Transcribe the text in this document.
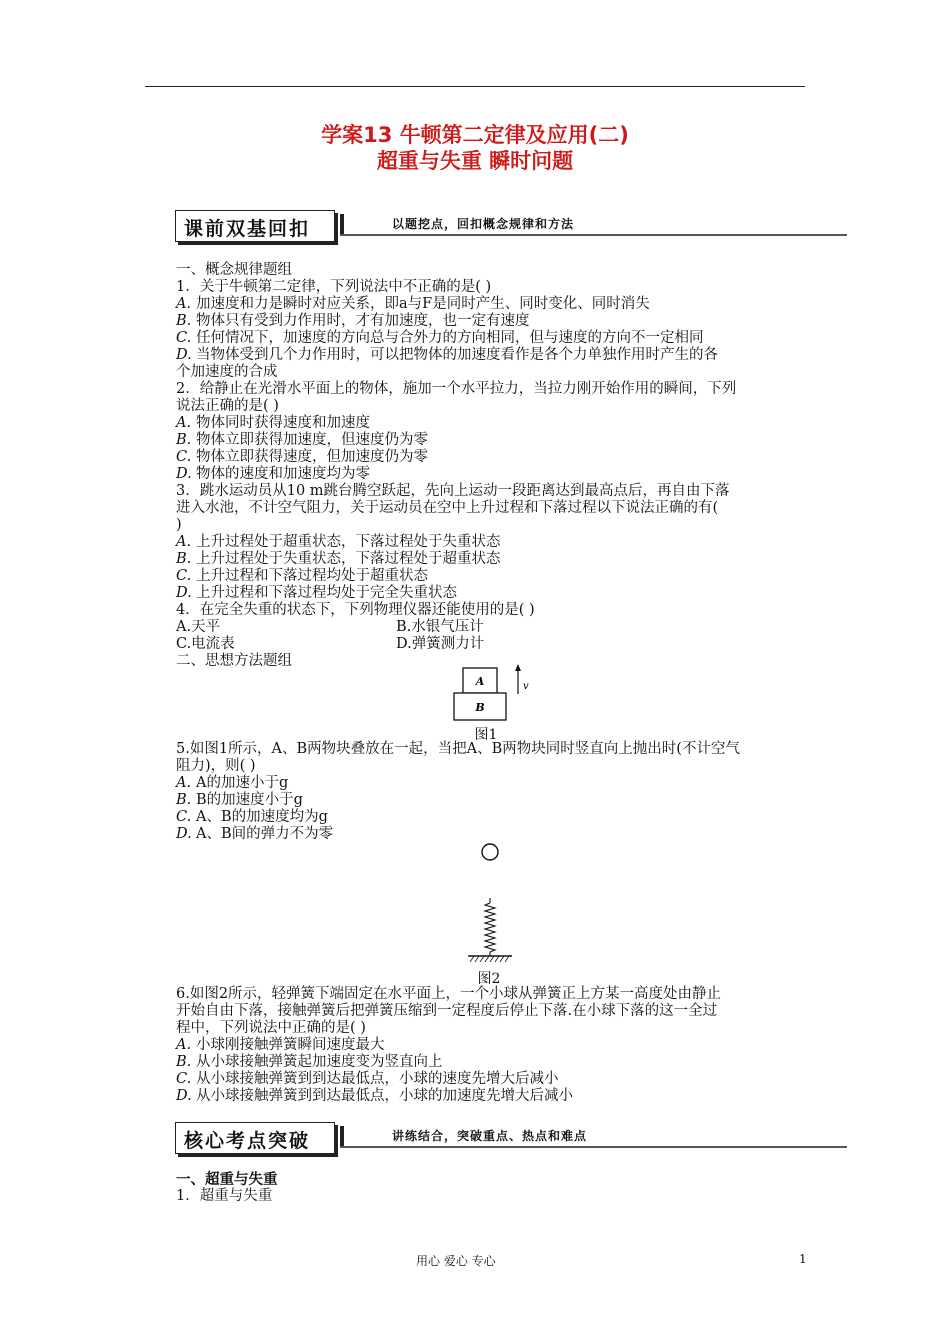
学案13 牛顿第二定律及应用(二)
超重与失重 瞬时问题
课前双基回扣	以题挖点，回扣概念规律和方法
一、概念规律题组
1．关于牛顿第二定律，下列说法中不正确的是( )
A. 加速度和力是瞬时对应关系，即a与F是同时产生、同时变化、同时消失
B. 物体只有受到力作用时，才有加速度，也一定有速度
C. 任何情况下，加速度的方向总与合外力的方向相同，但与速度的方向不一定相同
D. 当物体受到几个力作用时，可以把物体的加速度看作是各个力单独作用时产生的各
个加速度的合成
2．给静止在光滑水平面上的物体，施加一个水平拉力，当拉力刚开始作用的瞬间，下列
说法正确的是( )
A. 物体同时获得速度和加速度
B. 物体立即获得加速度，但速度仍为零
C. 物体立即获得速度，但加速度仍为零
D. 物体的速度和加速度均为零
3．跳水运动员从10 m跳台腾空跃起，先向上运动一段距离达到最高点后，再自由下落
进入水池，不计空气阻力，关于运动员在空中上升过程和下落过程以下说法正确的有(
)
A. 上升过程处于超重状态，下落过程处于失重状态
B. 上升过程处于失重状态，下落过程处于超重状态
C. 上升过程和下落过程均处于超重状态
D. 上升过程和下落过程均处于完全失重状态
4．在完全失重的状态下，下列物理仪器还能使用的是( )
A.天平	B.水银气压计
C.电流表	D.弹簧测力计
二、思想方法题组
A
B
v
图1
5.如图1所示，A、B两物块叠放在一起，当把A、B两物块同时竖直向上抛出时(不计空气
阻力)，则( )
A. A的加速小于g
B. B的加速度小于g
C. A、B的加速度均为g
D. A、B间的弹力不为零
图2
6.如图2所示，轻弹簧下端固定在水平面上，一个小球从弹簧正上方某一高度处由静止
开始自由下落，接触弹簧后把弹簧压缩到一定程度后停止下落.在小球下落的这一全过
程中，下列说法中正确的是( )
A. 小球刚接触弹簧瞬间速度最大
B. 从小球接触弹簧起加速度变为竖直向上
C. 从小球接触弹簧到到达最低点，小球的速度先增大后减小
D. 从小球接触弹簧到到达最低点，小球的加速度先增大后减小
核心考点突破	讲练结合，突破重点、热点和难点
一、超重与失重
1．超重与失重
用心 爱心 专心	1
